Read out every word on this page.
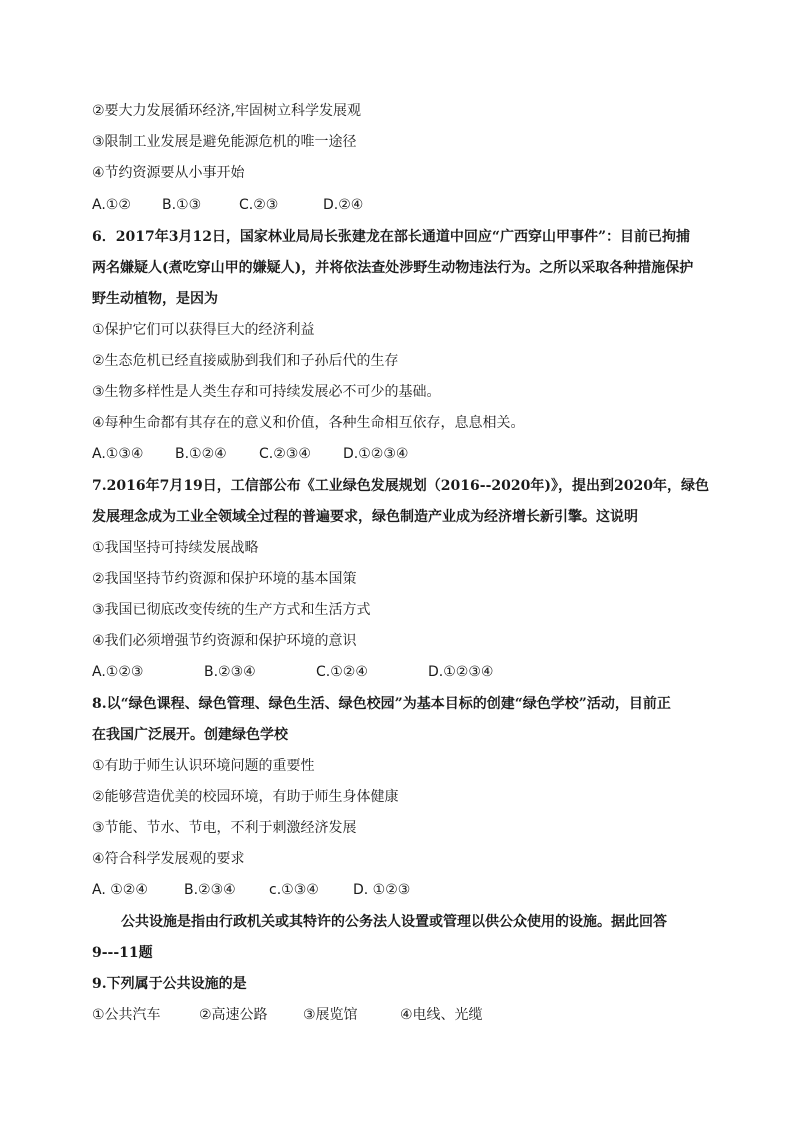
②要大力发展循环经济,牢固树立科学发展观
③限制工业发展是避免能源危机的唯一途径
④节约资源要从小事开始
A.①②	B.①③	C.②③	D.②④
6．2017年3月12日，国家林业局局长张建龙在部长通道中回应“广西穿山甲事件”：目前已拘捕
两名嫌疑人(煮吃穿山甲的嫌疑人)，并将依法查处涉野生动物违法行为。之所以采取各种措施保护
野生动植物，是因为
①保护它们可以获得巨大的经济利益
②生态危机已经直接威胁到我们和子孙后代的生存
③生物多样性是人类生存和可持续发展必不可少的基础。
④每种生命都有其存在的意义和价值，各种生命相互依存，息息相关。
A.①③④	B.①②④	C.②③④	D.①②③④
7.2016年7月19日，工信部公布《工业绿色发展规划（2016--2020年)》，提出到2020年，绿色
发展理念成为工业全领域全过程的普遍要求，绿色制造产业成为经济增长新引擎。这说明
①我国坚持可持续发展战略
②我国坚持节约资源和保护环境的基本国策
③我国已彻底改变传统的生产方式和生活方式
④我们必须增强节约资源和保护环境的意识
A.①②③	B.②③④	C.①②④	D.①②③④
8.以“绿色课程、绿色管理、绿色生活、绿色校园”为基本目标的创建“绿色学校”活动，目前正
在我国广泛展开。创建绿色学校
①有助于师生认识环境问题的重要性
②能够营造优美的校园环境，有助于师生身体健康
③节能、节水、节电，不利于刺激经济发展
④符合科学发展观的要求
A. ①②④	B.②③④	c.①③④	D. ①②③
公共设施是指由行政机关或其特许的公务法人设置或管理以供公众使用的设施。据此回答
9---11题
9.下列属于公共设施的是
①公共汽车	②高速公路	③展览馆	④电线、光缆
